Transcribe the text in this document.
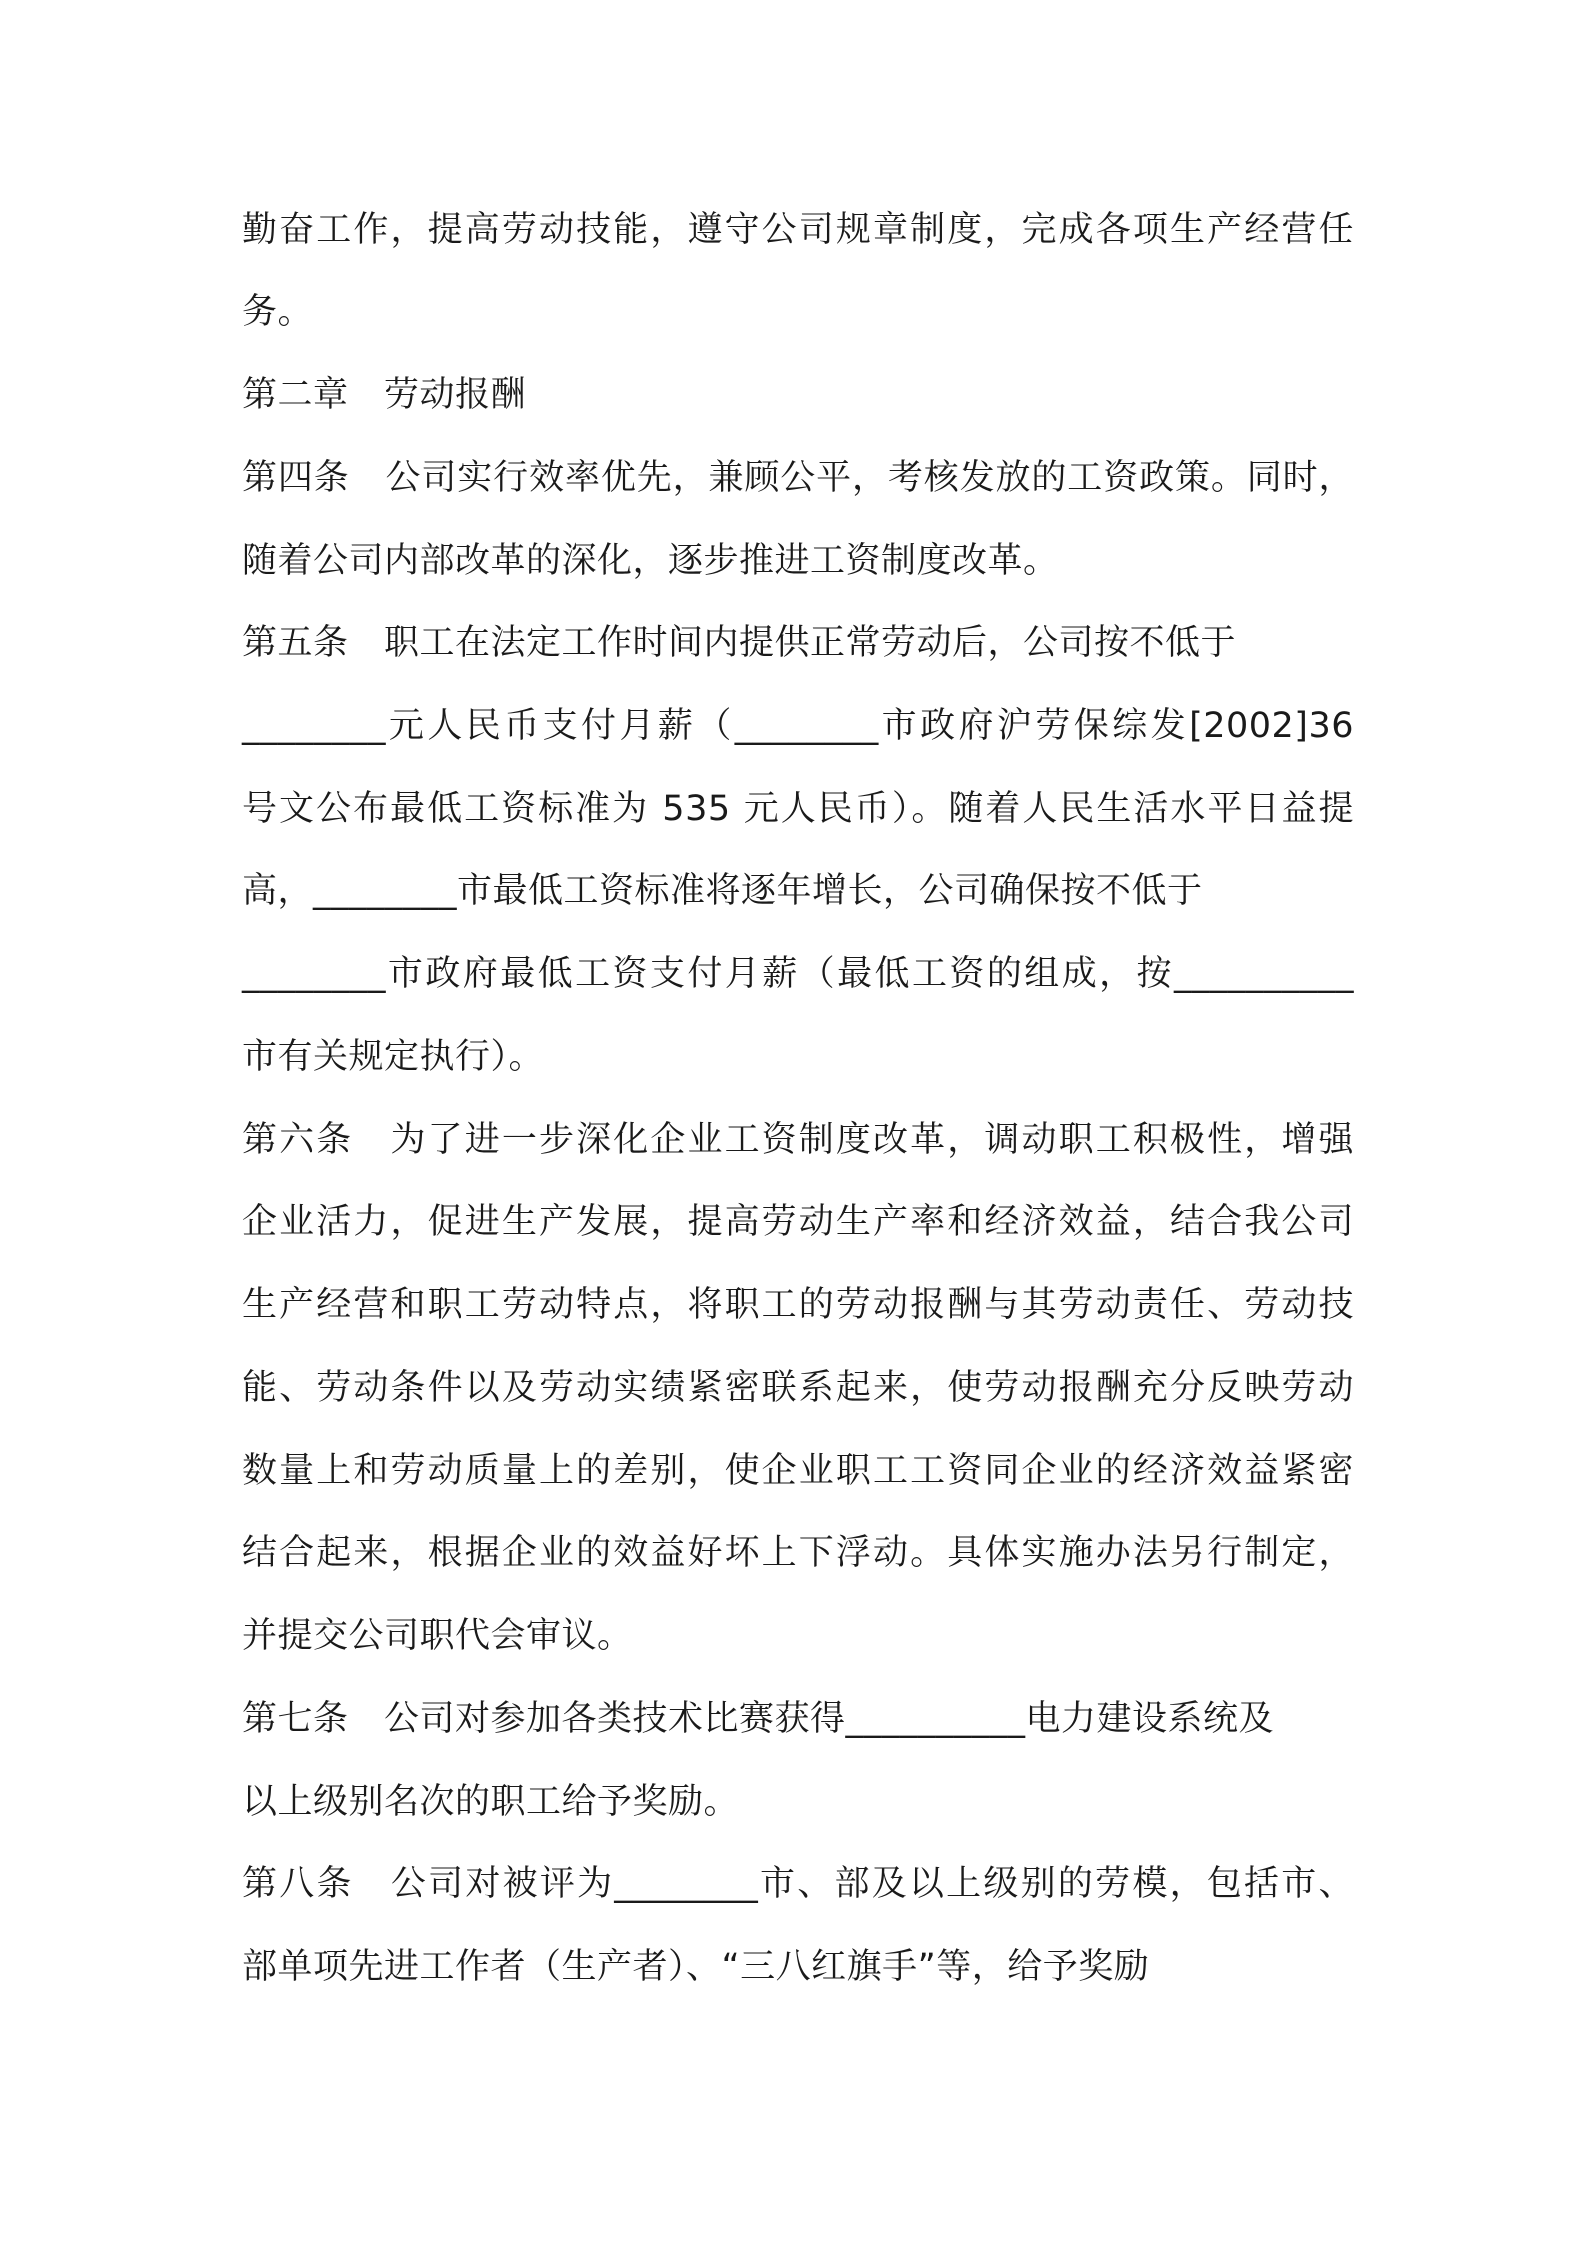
勤奋工作，提高劳动技能，遵守公司规章制度，完成各项生产经营任
务。
第二章　劳动报酬
第四条　公司实行效率优先，兼顾公平，考核发放的工资政策。同时，
随着公司内部改革的深化，逐步推进工资制度改革。
第五条　职工在法定工作时间内提供正常劳动后，公司按不低于
________元人民币支付月薪（________市政府沪劳保综发[2002]36
号文公布最低工资标准为 535 元人民币）。随着人民生活水平日益提
高，________市最低工资标准将逐年增长，公司确保按不低于
________市政府最低工资支付月薪（最低工资的组成，按__________
市有关规定执行）。
第六条　为了进一步深化企业工资制度改革，调动职工积极性，增强
企业活力，促进生产发展，提高劳动生产率和经济效益，结合我公司
生产经营和职工劳动特点，将职工的劳动报酬与其劳动责任、劳动技
能、劳动条件以及劳动实绩紧密联系起来，使劳动报酬充分反映劳动
数量上和劳动质量上的差别，使企业职工工资同企业的经济效益紧密
结合起来，根据企业的效益好坏上下浮动。具体实施办法另行制定，
并提交公司职代会审议。
第七条　公司对参加各类技术比赛获得__________电力建设系统及
以上级别名次的职工给予奖励。
第八条　公司对被评为________市、部及以上级别的劳模，包括市、
部单项先进工作者（生产者）、“三八红旗手”等，给予奖励
